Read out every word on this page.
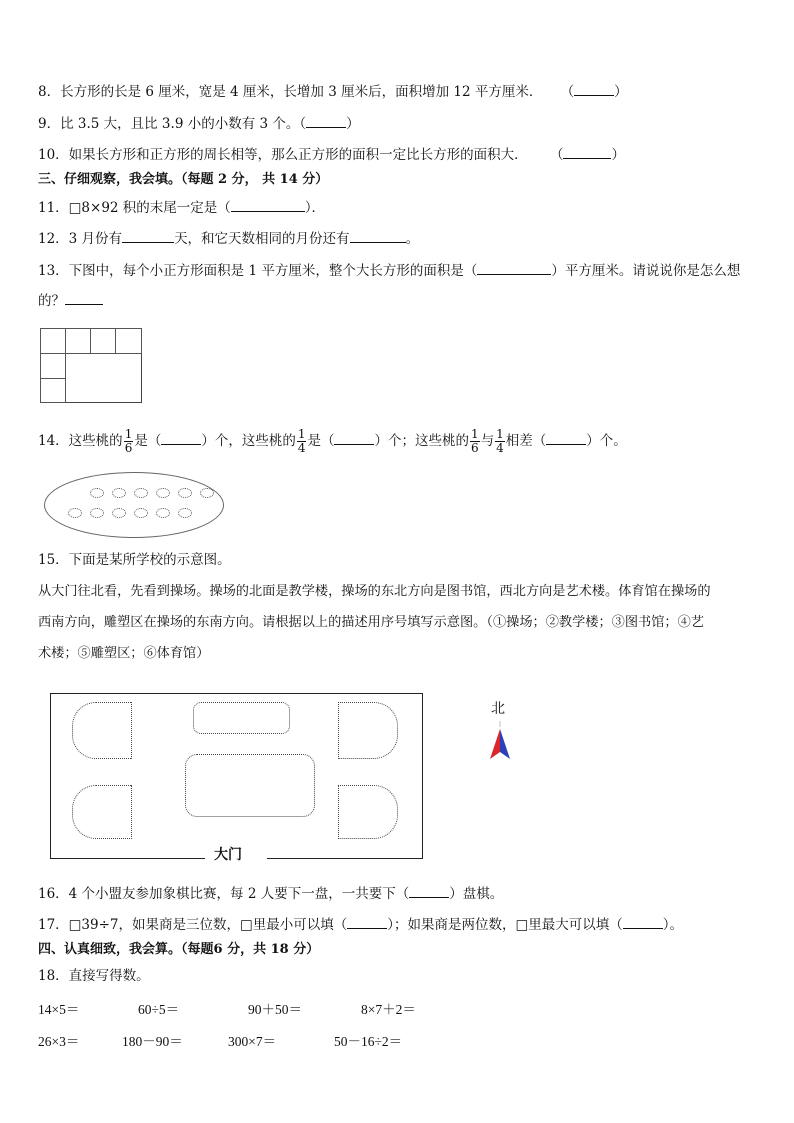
8．长方形的长是 6 厘米，宽是 4 厘米，长增加 3 厘米后，面积增加 12 平方厘米． （	）
9．比 3.5 大，且比 3.9 小的小数有 3 个。（	）
10．如果长方形和正方形的周长相等，那么正方形的面积一定比长方形的面积大． （	）
三、仔细观察，我会填。（每题 2 分， 共 14 分）
11．□8×92 积的末尾一定是（	）．
12．3 月份有	天，和它天数相同的月份还有	。
13．下图中，每个小正方形面积是 1 平方厘米，整个大长方形的面积是（	）平方厘米。请说说你是怎么想
的？
14．这些桃的 $\frac{1}{6}$ 是（	）个，这些桃的 $\frac{1}{4}$ 是（	）个；这些桃的 $\frac{1}{6}$ 与 $\frac{1}{4}$ 相差（	）个。
15．下面是某所学校的示意图。
从大门往北看，先看到操场。操场的北面是教学楼，操场的东北方向是图书馆，西北方向是艺术楼。体育馆在操场的
西南方向，雕塑区在操场的东南方向。请根据以上的描述用序号填写示意图。（①操场；②教学楼；③图书馆；④艺
术楼；⑤雕塑区；⑥体育馆）
大门
北
16．4 个小盟友参加象棋比赛，每 2 人要下一盘，一共要下（	）盘棋。
17．□39÷7，如果商是三位数，□里最小可以填（	）；如果商是两位数，□里最大可以填（	）。
四、认真细致，我会算。（每题6 分，共 18 分）
18．直接写得数。
14×5＝	60÷5＝	90＋50＝	8×7＋2＝
26×3＝	180－90＝	300×7＝	50－16÷2＝
